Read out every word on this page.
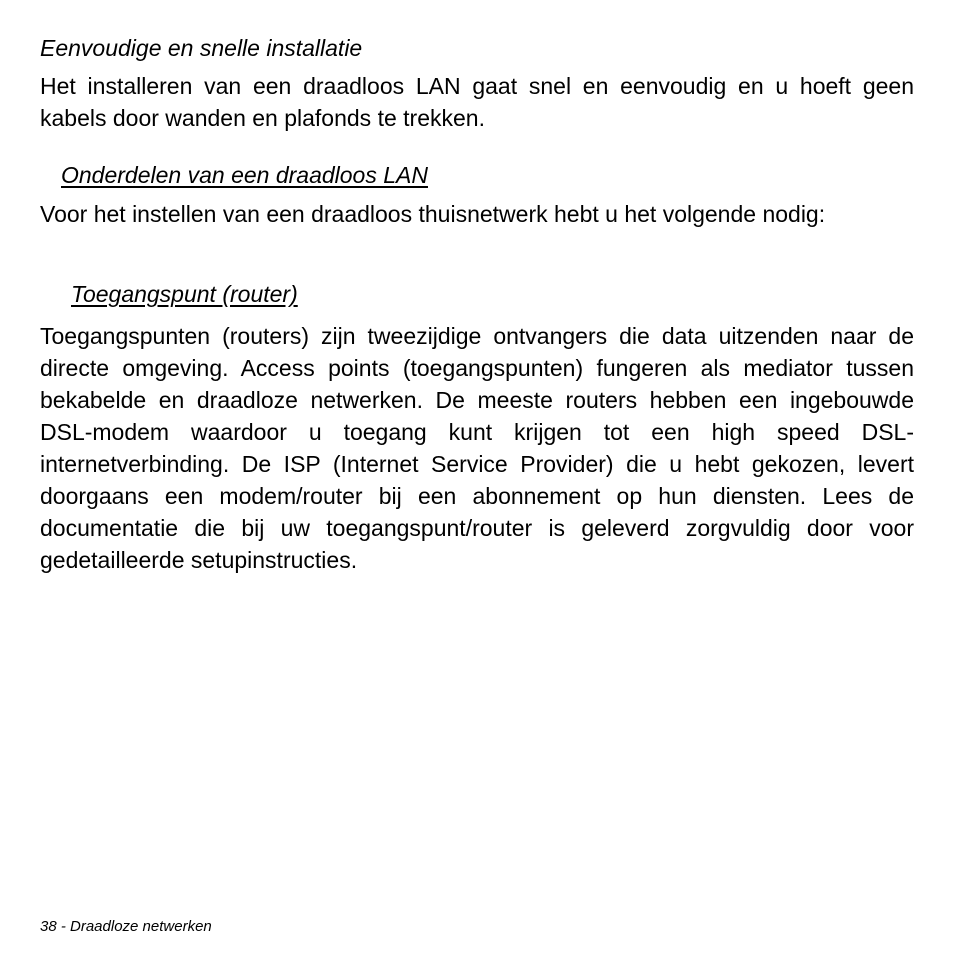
Eenvoudige en snelle installatie

Het installeren van een draadloos LAN gaat snel en eenvoudig en u hoeft geen kabels door wanden en plafonds te trekken.

Onderdelen van een draadloos LAN

Voor het instellen van een draadloos thuisnetwerk hebt u het volgende nodig:

Toegangspunt (router)

Toegangspunten (routers) zijn tweezijdige ontvangers die data uitzenden naar de directe omgeving. Access points (toegangspunten) fungeren als mediator tussen bekabelde en draadloze netwerken. De meeste routers hebben een ingebouwde DSL-modem waardoor u toegang kunt krijgen tot een high speed DSL-internetverbinding. De ISP (Internet Service Provider) die u hebt gekozen, levert doorgaans een modem/router bij een abonnement op hun diensten. Lees de documentatie die bij uw toegangspunt/router is geleverd zorgvuldig door voor gedetailleerde setupinstructies.

38 - Draadloze netwerken
